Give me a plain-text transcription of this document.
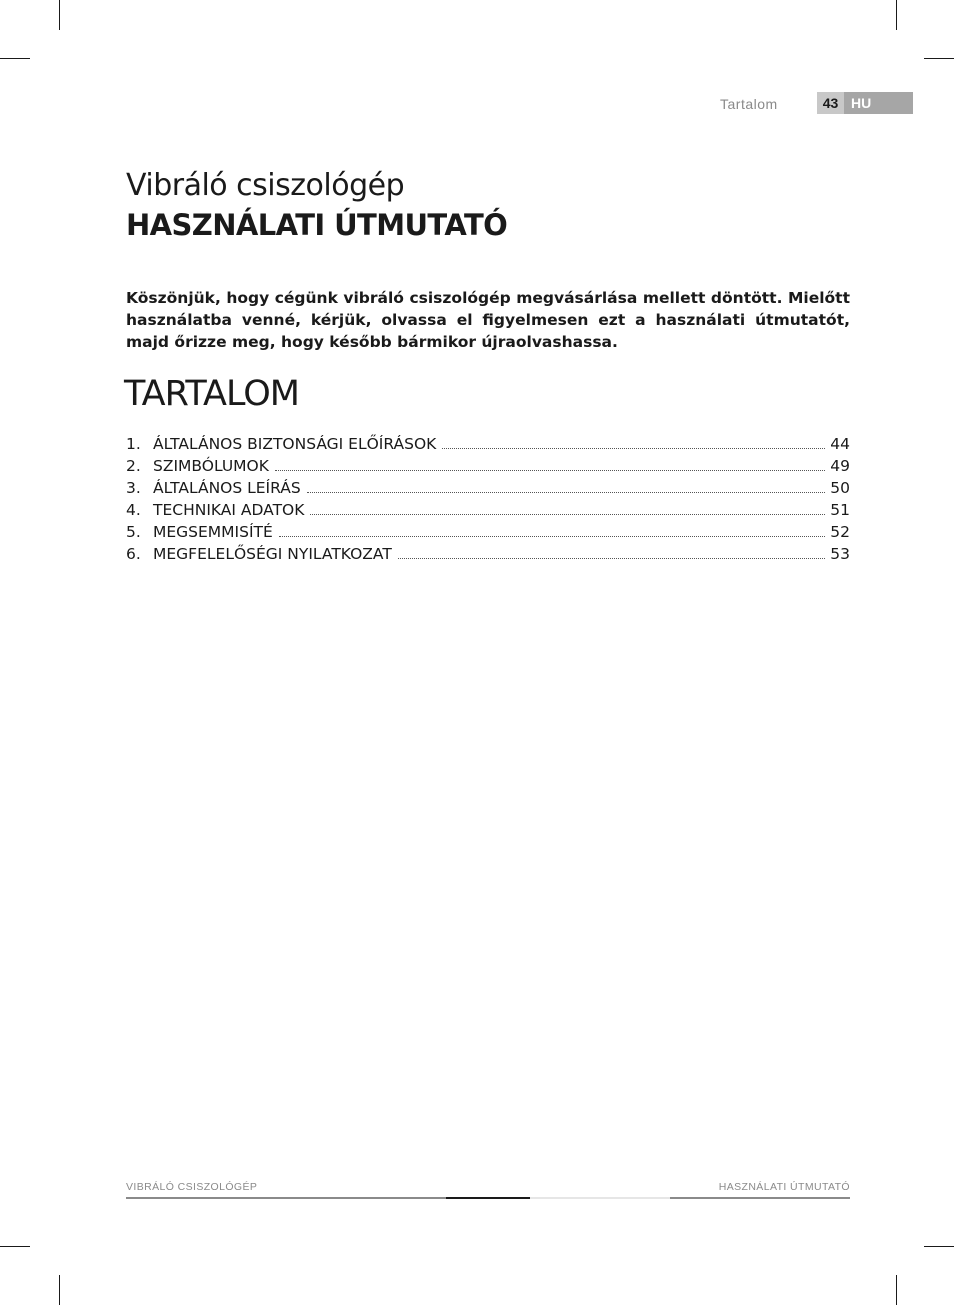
Tartalom	43 HU
Vibráló csiszológép
HASZNÁLATI ÚTMUTATÓ
Köszönjük, hogy cégünk vibráló csiszológép megvásárlása mellett döntött. Mielőtt használatba venné, kérjük, olvassa el figyelmesen ezt a használati útmutatót, majd őrizze meg, hogy később bármikor újraolvashassa.
TARTALOM
1. ÁLTALÁNOS BIZTONSÁGI ELŐÍRÁSOK	44
2. SZIMBÓLUMOK	49
3. ÁLTALÁNOS LEÍRÁS	50
4. TECHNIKAI ADATOK	51
5. MEGSEMMISÍTÉ	52
6. MEGFELELŐSÉGI NYILATKOZAT	53
VIBRÁLÓ CSISZOLÓGÉP	HASZNÁLATI ÚTMUTATÓ
